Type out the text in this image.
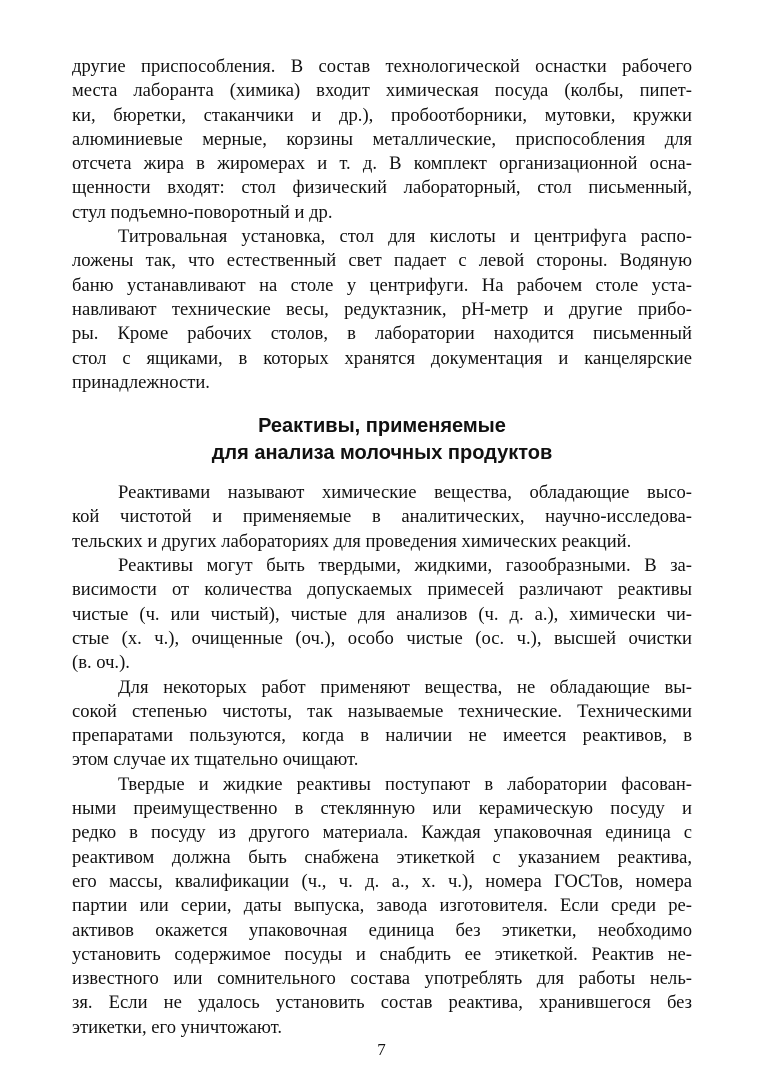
другие приспособления. В состав технологической оснастки рабочего
места лаборанта (химика) входит химическая посуда (колбы, пипет-
ки, бюретки, стаканчики и др.), пробоотборники, мутовки, кружки
алюминиевые мерные, корзины металлические, приспособления для
отсчета жира в жиромерах и т. д. В комплект организационной осна-
щенности входят: стол физический лабораторный, стол письменный,
стул подъемно-поворотный и др.
Титровальная установка, стол для кислоты и центрифуга распо-
ложены так, что естественный свет падает с левой стороны. Водяную
баню устанавливают на столе у центрифуги. На рабочем столе уста-
навливают технические весы, редуктазник, pH-метр и другие прибо-
ры. Кроме рабочих столов, в лаборатории находится письменный
стол с ящиками, в которых хранятся документация и канцелярские
принадлежности.
Реактивы, применяемые
для анализа молочных продуктов
Реактивами называют химические вещества, обладающие высо-
кой чистотой и применяемые в аналитических, научно-исследова-
тельских и других лабораториях для проведения химических реакций.
Реактивы могут быть твердыми, жидкими, газообразными. В за-
висимости от количества допускаемых примесей различают реактивы
чистые (ч. или чистый), чистые для анализов (ч. д. а.), химически чи-
стые (х. ч.), очищенные (оч.), особо чистые (ос. ч.), высшей очистки
(в. оч.).
Для некоторых работ применяют вещества, не обладающие вы-
сокой степенью чистоты, так называемые технические. Техническими
препаратами пользуются, когда в наличии не имеется реактивов, в
этом случае их тщательно очищают.
Твердые и жидкие реактивы поступают в лаборатории фасован-
ными преимущественно в стеклянную или керамическую посуду и
редко в посуду из другого материала. Каждая упаковочная единица с
реактивом должна быть снабжена этикеткой с указанием реактива,
его массы, квалификации (ч., ч. д. а., х. ч.), номера ГОСТов, номера
партии или серии, даты выпуска, завода изготовителя. Если среди ре-
активов окажется упаковочная единица без этикетки, необходимо
установить содержимое посуды и снабдить ее этикеткой. Реактив не-
известного или сомнительного состава употреблять для работы нель-
зя. Если не удалось установить состав реактива, хранившегося без
этикетки, его уничтожают.
7
